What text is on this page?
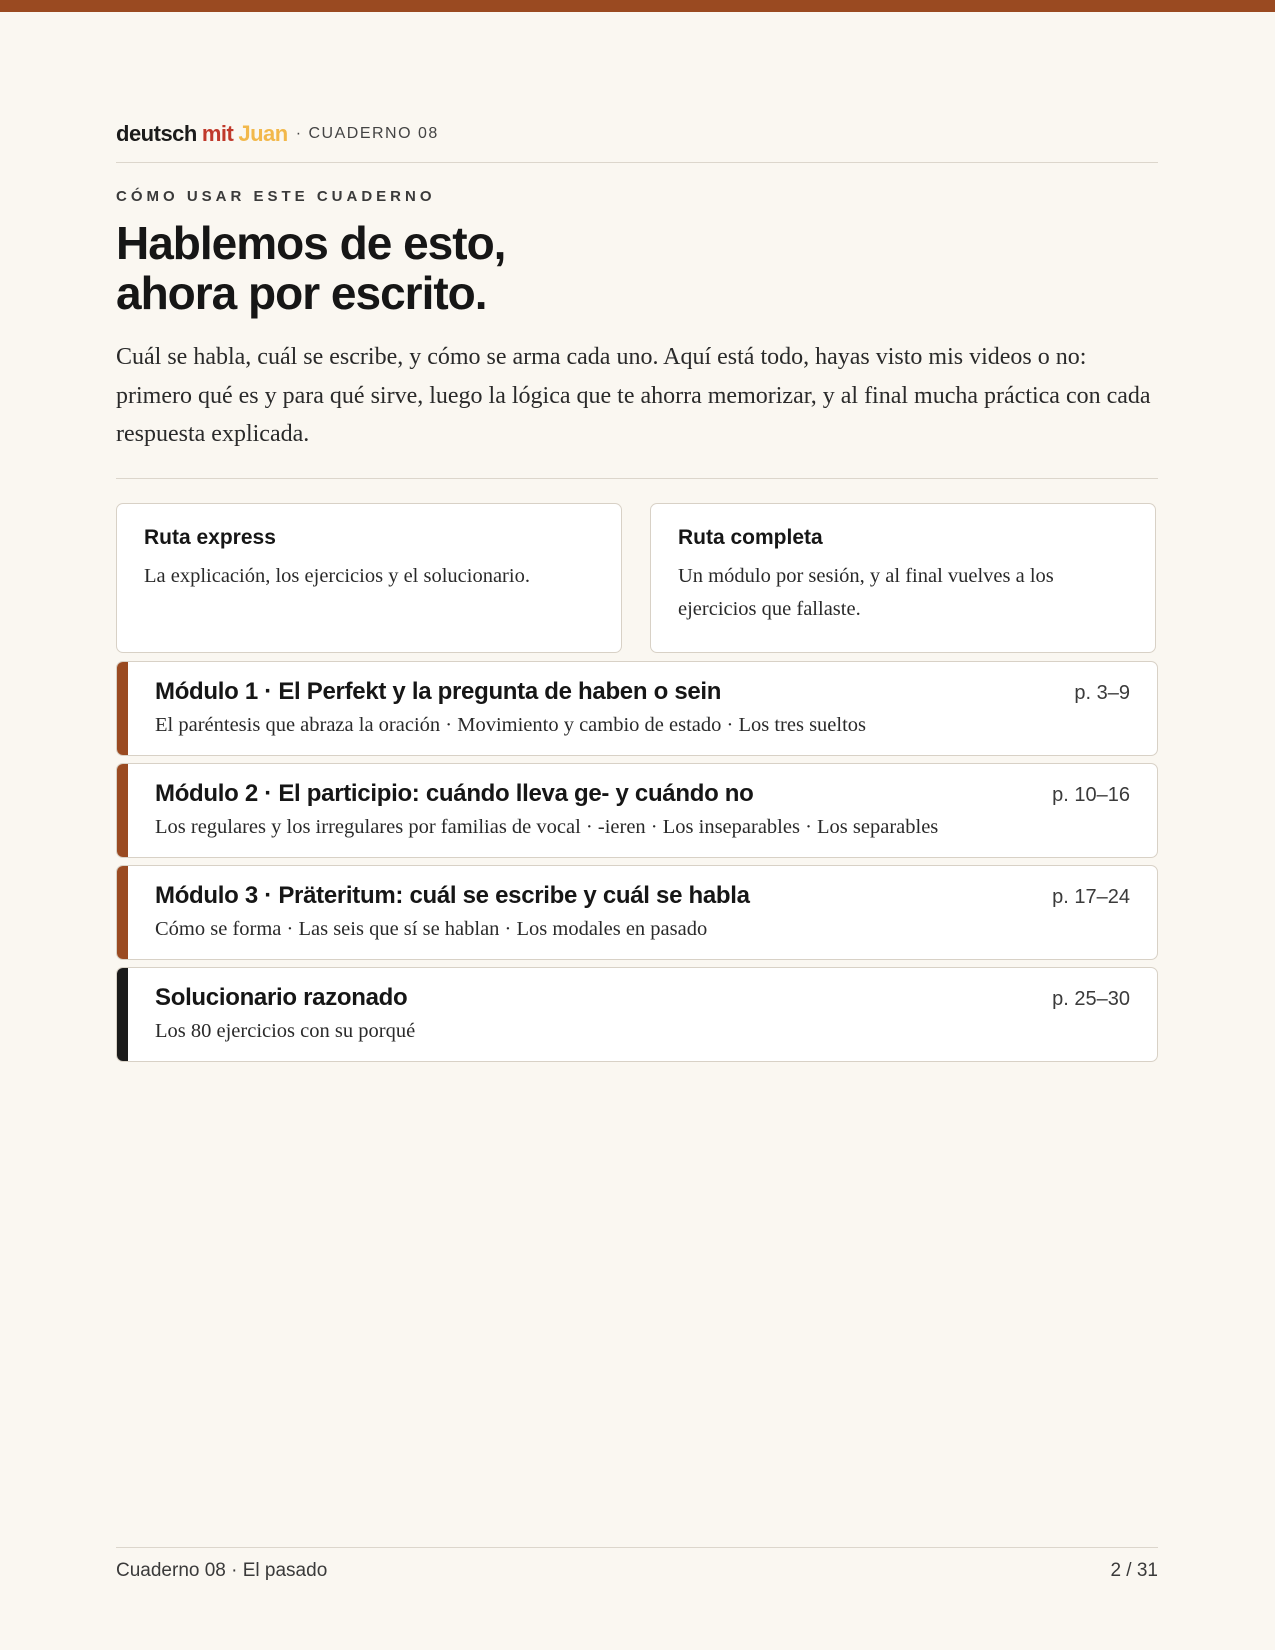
deutsch mit Juan · CUADERNO 08
CÓMO USAR ESTE CUADERNO
Hablemos de esto,
ahora por escrito.

Cuál se habla, cuál se escribe, y cómo se arma cada uno. Aquí está todo, hayas visto mis videos o no: primero qué es y para qué sirve, luego la lógica que te ahorra memorizar, y al final mucha práctica con cada respuesta explicada.

Ruta express
La explicación, los ejercicios y el solucionario.
Ruta completa
Un módulo por sesión, y al final vuelves a los ejercicios que fallaste.
Módulo 1 · El Perfekt y la pregunta de haben o sein	p. 3–9
El paréntesis que abraza la oración · Movimiento y cambio de estado · Los tres sueltos
Módulo 2 · El participio: cuándo lleva ge- y cuándo no	p. 10–16
Los regulares y los irregulares por familias de vocal · -ieren · Los inseparables · Los separables
Módulo 3 · Präteritum: cuál se escribe y cuál se habla	p. 17–24
Cómo se forma · Las seis que sí se hablan · Los modales en pasado
Solucionario razonado	p. 25–30
Los 80 ejercicios con su porqué
Cuaderno 08 · El pasado	2 / 31
